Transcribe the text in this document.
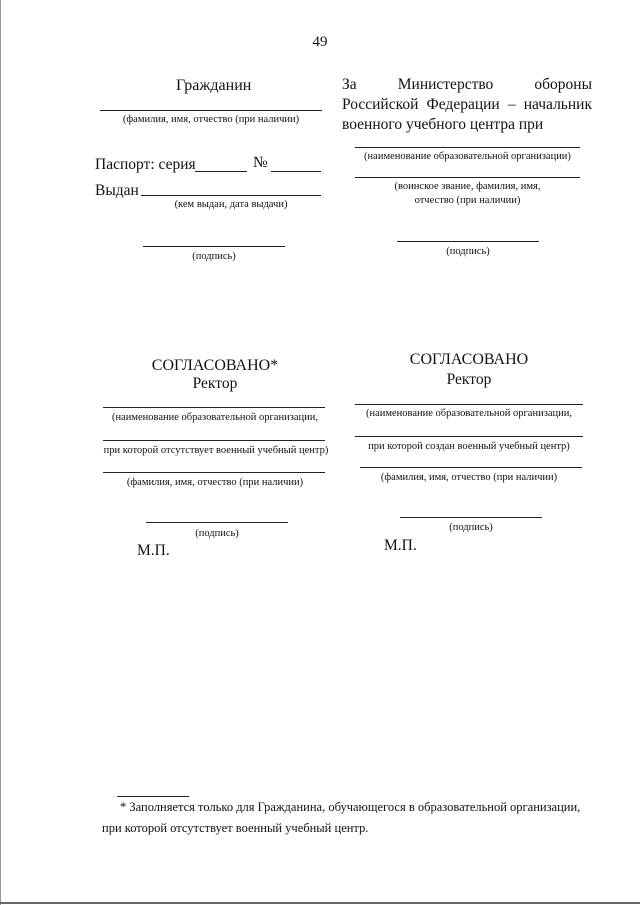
49
Гражданин
(фамилия, имя, отчество (при наличии)
Паспорт: серия	№
Выдан
(кем выдан, дата выдачи)
(подпись)
За Министерство обороны
Российской Федерации – начальник
военного учебного центра при
(наименование образовательной организации)
(воинское звание, фамилия, имя,
отчество (при наличии)
(подпись)
СОГЛАСОВАНО*
Ректор
(наименование образовательной организации,
при которой отсутствует военный учебный центр)
(фамилия, имя, отчество (при наличии)
(подпись)
М.П.
СОГЛАСОВАНО
Ректор
(наименование образовательной организации,
при которой создан военный учебный центр)
(фамилия, имя, отчество (при наличии)
(подпись)
М.П.
* Заполняется только для Гражданина, обучающегося в образовательной организации,
при которой отсутствует военный учебный центр.
